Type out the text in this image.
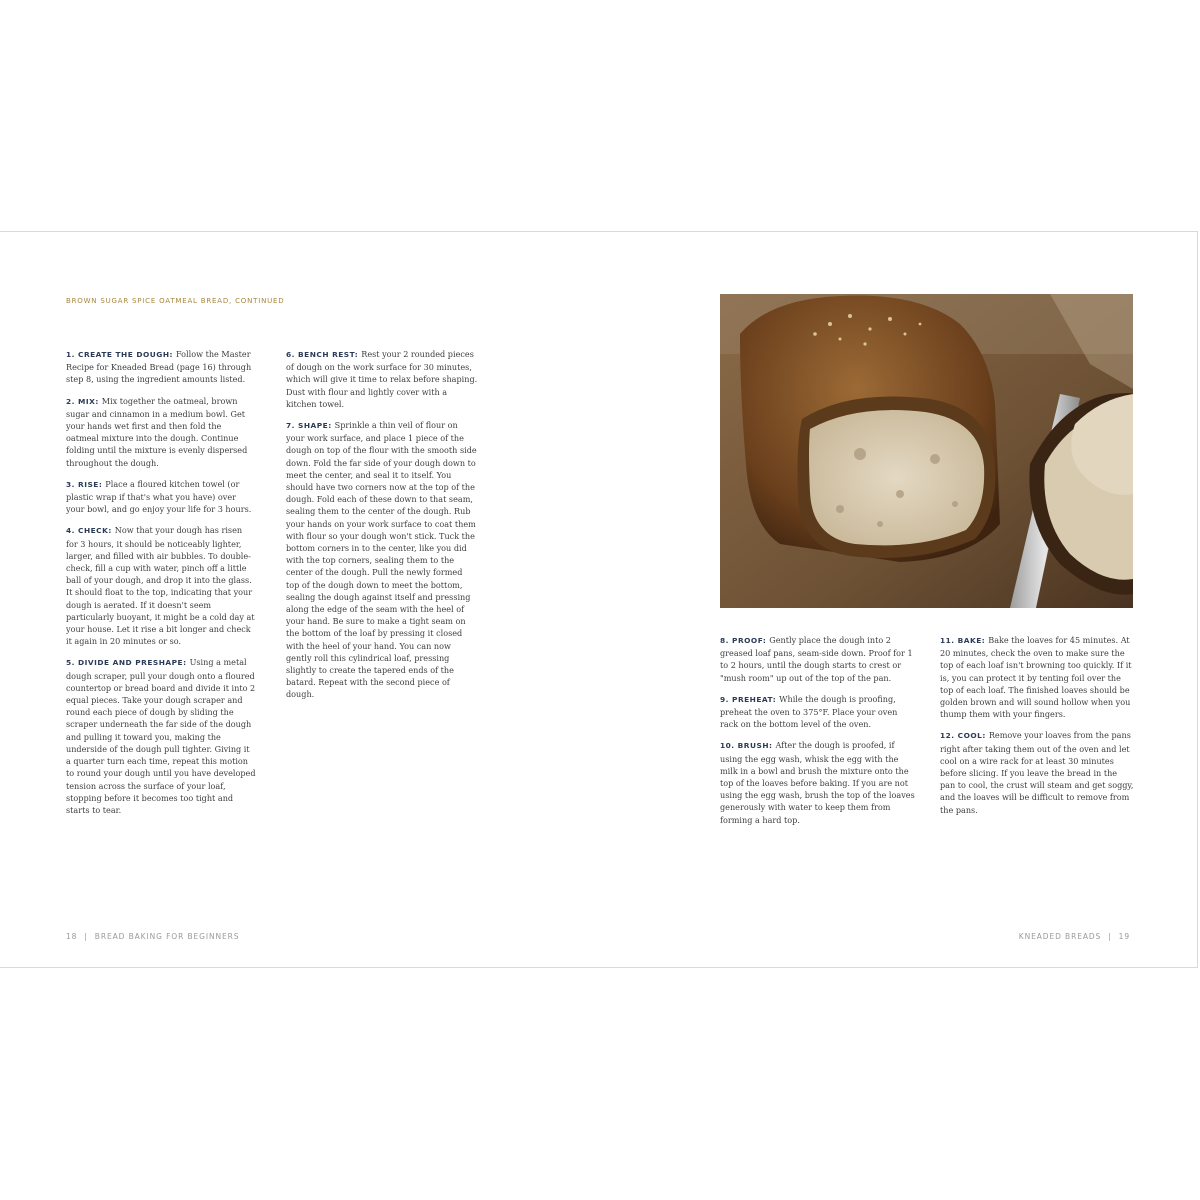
BROWN SUGAR SPICE OATMEAL BREAD, CONTINUED

1. CREATE THE DOUGH: Follow the Master Recipe for Kneaded Bread (page 16) through step 8, using the ingredient amounts listed.

2. MIX: Mix together the oatmeal, brown sugar and cinnamon in a medium bowl. Get your hands wet first and then fold the oatmeal mixture into the dough. Continue folding until the mixture is evenly dispersed throughout the dough.

3. RISE: Place a floured kitchen towel (or plastic wrap if that's what you have) over your bowl, and go enjoy your life for 3 hours.

4. CHECK: Now that your dough has risen for 3 hours, it should be noticeably lighter, larger, and filled with air bubbles. To double-check, fill a cup with water, pinch off a little ball of your dough, and drop it into the glass. It should float to the top, indicating that your dough is aerated. If it doesn't seem particularly buoyant, it might be a cold day at your house. Let it rise a bit longer and check it again in 20 minutes or so.

5. DIVIDE AND PRESHAPE: Using a metal dough scraper, pull your dough onto a floured countertop or bread board and divide it into 2 equal pieces. Take your dough scraper and round each piece of dough by sliding the scraper underneath the far side of the dough and pulling it toward you, making the underside of the dough pull tighter. Giving it a quarter turn each time, repeat this motion to round your dough until you have developed tension across the surface of your loaf, stopping before it becomes too tight and starts to tear.

6. BENCH REST: Rest your 2 rounded pieces of dough on the work surface for 30 minutes, which will give it time to relax before shaping. Dust with flour and lightly cover with a kitchen towel.

7. SHAPE: Sprinkle a thin veil of flour on your work surface, and place 1 piece of the dough on top of the flour with the smooth side down. Fold the far side of your dough down to meet the center, and seal it to itself. You should have two corners now at the top of the dough. Fold each of these down to that seam, sealing them to the center of the dough. Rub your hands on your work surface to coat them with flour so your dough won't stick. Tuck the bottom corners in to the center, like you did with the top corners, sealing them to the center of the dough. Pull the newly formed top of the dough down to meet the bottom, sealing the dough against itself and pressing along the edge of the seam with the heel of your hand. Be sure to make a tight seam on the bottom of the loaf by pressing it closed with the heel of your hand. You can now gently roll this cylindrical loaf, pressing slightly to create the tapered ends of the batard. Repeat with the second piece of dough.

8. PROOF: Gently place the dough into 2 greased loaf pans, seam-side down. Proof for 1 to 2 hours, until the dough starts to crest or "mush room" up out of the top of the pan.

9. PREHEAT: While the dough is proofing, preheat the oven to 375°F. Place your oven rack on the bottom level of the oven.

10. BRUSH: After the dough is proofed, if using the egg wash, whisk the egg with the milk in a bowl and brush the mixture onto the top of the loaves before baking. If you are not using the egg wash, brush the top of the loaves generously with water to keep them from forming a hard top.

11. BAKE: Bake the loaves for 45 minutes. At 20 minutes, check the oven to make sure the top of each loaf isn't browning too quickly. If it is, you can protect it by tenting foil over the top of each loaf. The finished loaves should be golden brown and will sound hollow when you thump them with your fingers.

12. COOL: Remove your loaves from the pans right after taking them out of the oven and let cool on a wire rack for at least 30 minutes before slicing. If you leave the bread in the pan to cool, the crust will steam and get soggy, and the loaves will be difficult to remove from the pans.

18 | BREAD BAKING FOR BEGINNERS	KNEADED BREADS | 19
